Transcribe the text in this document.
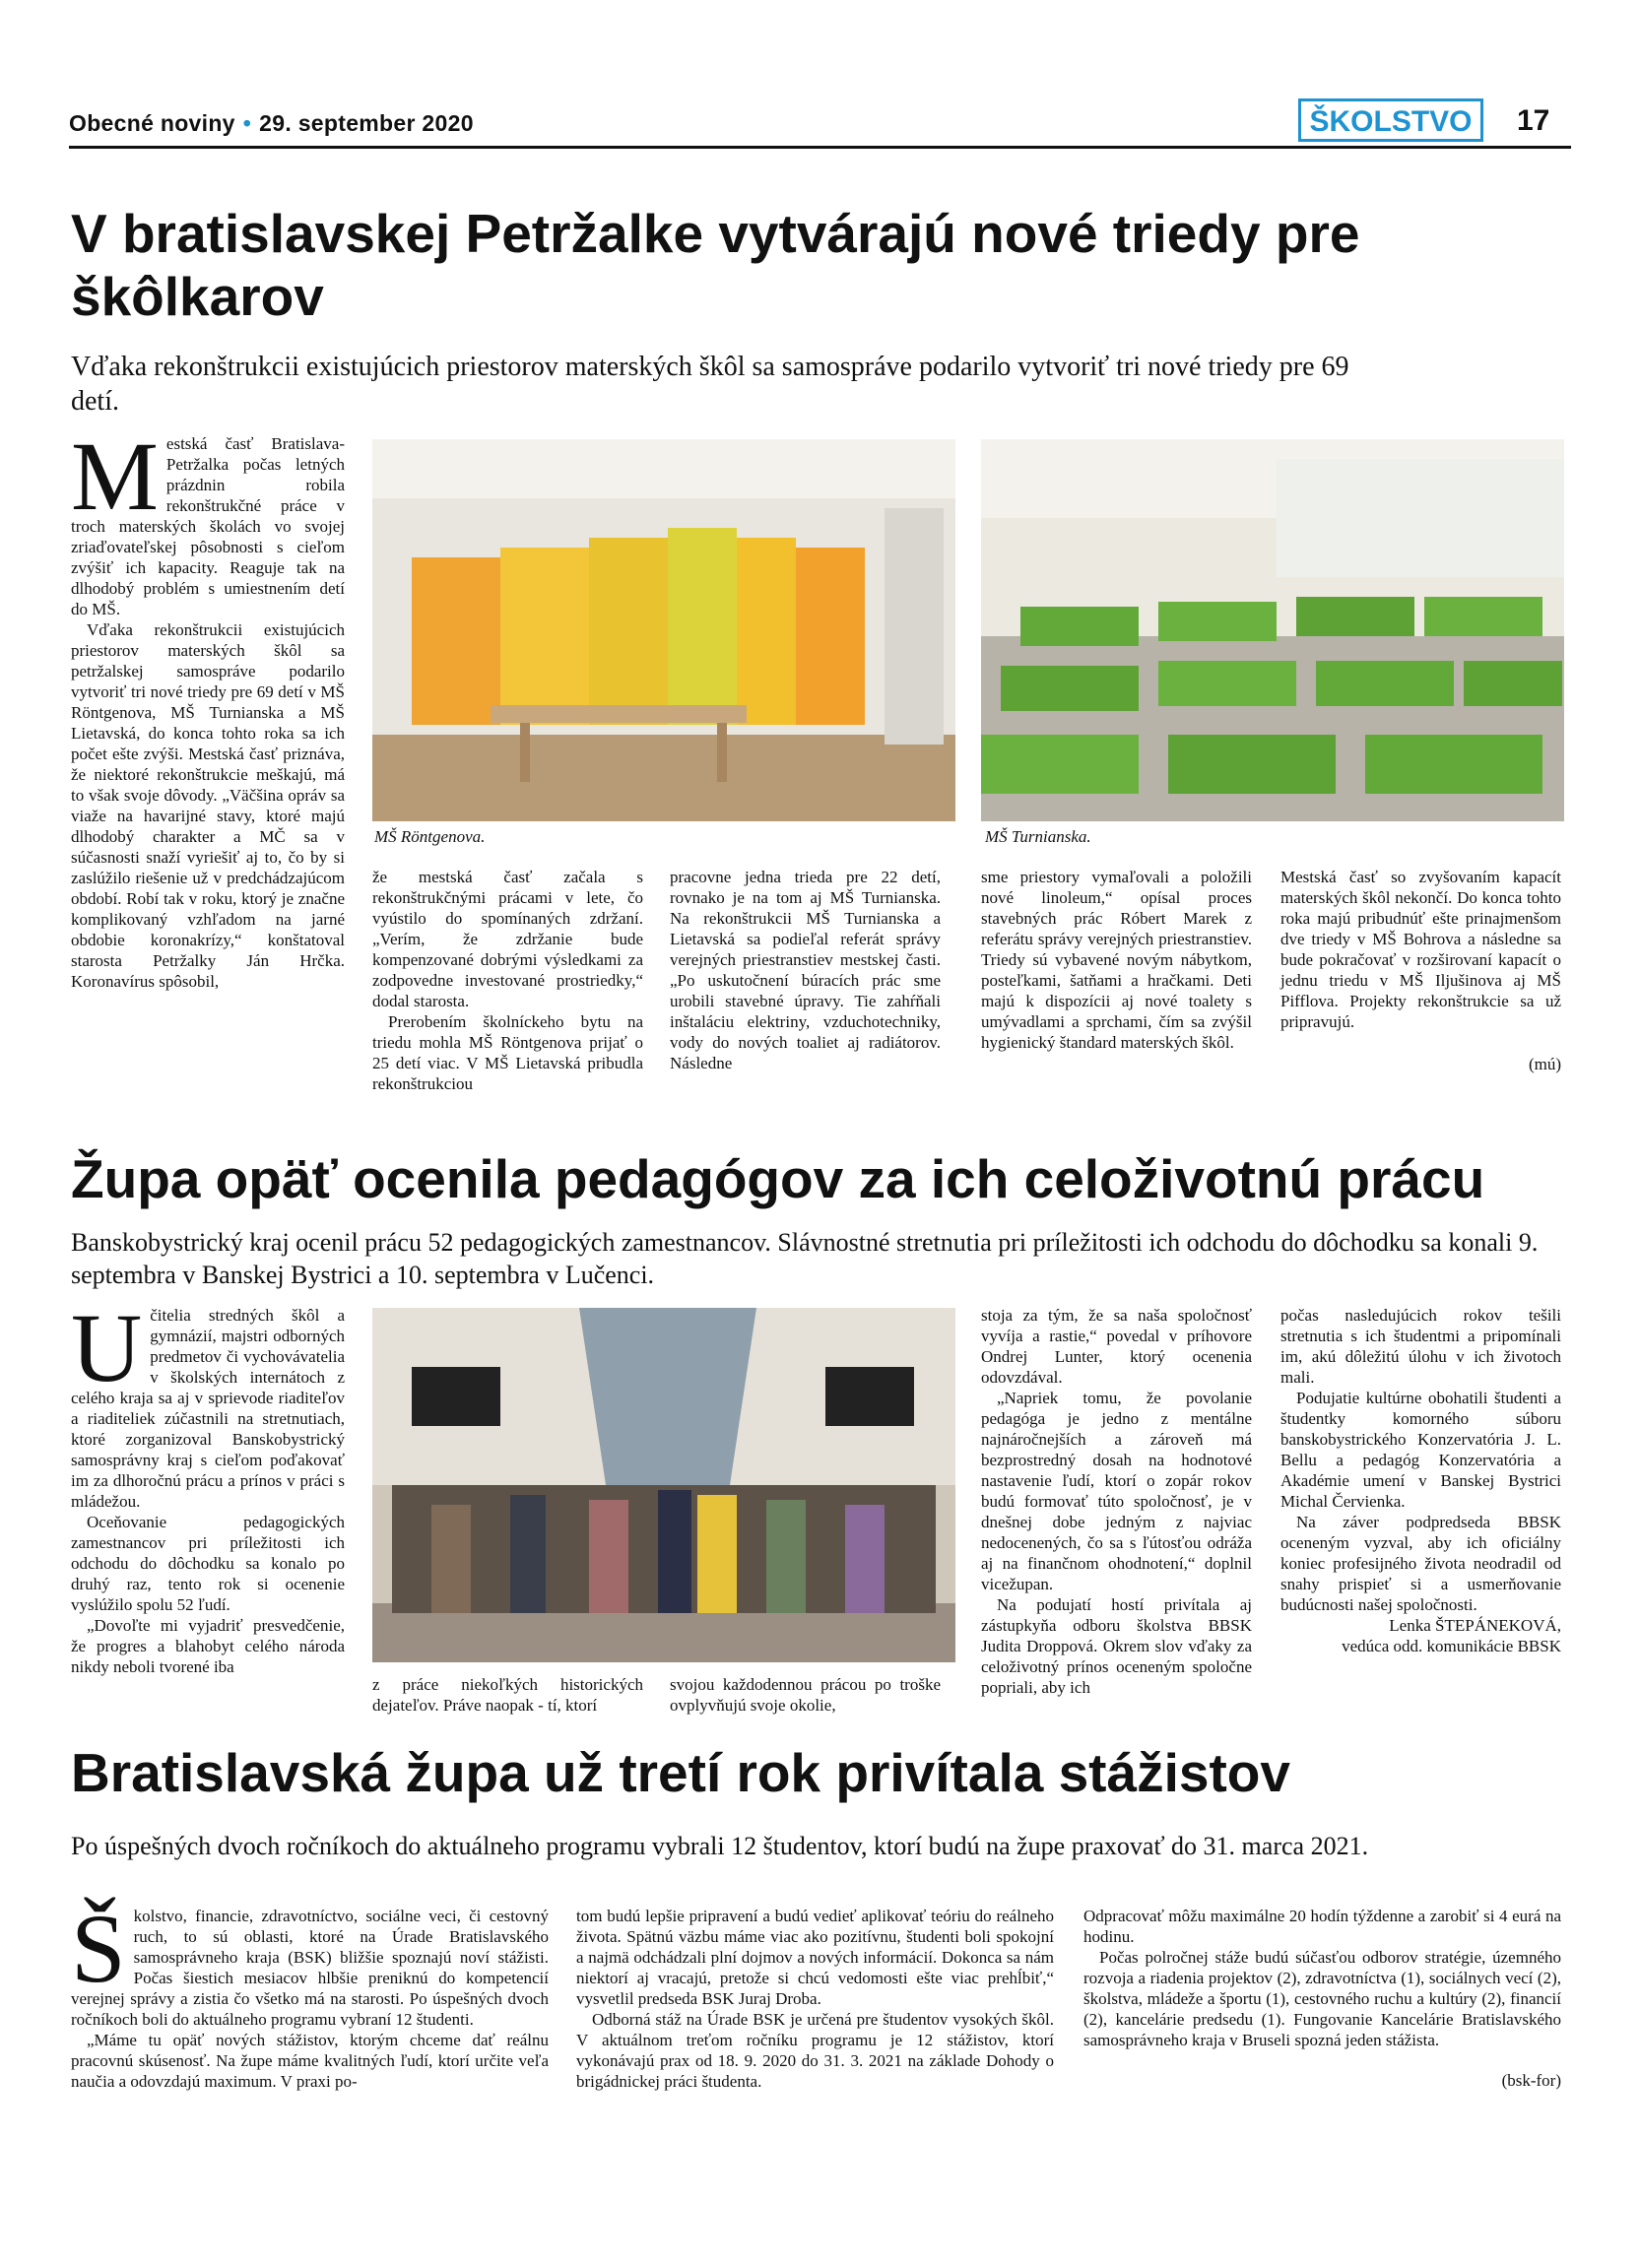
Obecné noviny • 29. september 2020	ŠKOLSTVO	17
V bratislavskej Petržalke vytvárajú nové triedy pre škôlkarov
Vďaka rekonštrukcii existujúcich priestorov materských škôl sa samospráve podarilo vytvoriť tri nové triedy pre 69 detí.

Mestská časť Bratislava-Petržalka počas letných prázdnin robila rekonštrukčné práce v troch materských školách vo svojej zriaďovateľskej pôsobnosti s cieľom zvýšiť ich kapacity. Reaguje tak na dlhodobý problém s umiestnením detí do MŠ.

Vďaka rekonštrukcii existujúcich priestorov materských škôl sa petržalskej samospráve podarilo vytvoriť tri nové triedy pre 69 detí v MŠ Röntgenova, MŠ Turnianska a MŠ Lietavská, do konca tohto roka sa ich počet ešte zvýši. Mestská časť priznáva, že niektoré rekonštrukcie meškajú, má to však svoje dôvody. „Väčšina opráv sa viaže na havarijné stavy, ktoré majú dlhodobý charakter a MČ sa v súčasnosti snaží vyriešiť aj to, čo by si zaslúžilo riešenie už v predchádzajúcom období. Robí tak v roku, ktorý je značne komplikovaný vzhľadom na jarné obdobie koronakrízy,“ konštatoval starosta Petržalky Ján Hrčka. Koronavírus spôsobil,

MŠ Röntgenova.	MŠ Turnianska.

že mestská časť začala s rekonštrukčnými prácami v lete, čo vyústilo do spomínaných zdržaní. „Verím, že zdržanie bude kompenzované dobrými výsledkami za zodpovedne investované prostriedky,“ dodal starosta.

Prerobením školníckeho bytu na triedu mohla MŠ Röntgenova prijať o 25 detí viac. V MŠ Lietavská pribudla rekonštrukciou

pracovne jedna trieda pre 22 detí, rovnako je na tom aj MŠ Turnianska. Na rekonštrukcii MŠ Turnianska a Lietavská sa podieľal referát správy verejných priestranstiev mestskej časti. „Po uskutočnení búracích prác sme urobili stavebné úpravy. Tie zahŕňali inštaláciu elektriny, vzduchotechniky, vody do nových toaliet aj radiátorov. Následne

sme priestory vymaľovali a položili nové linoleum,“ opísal proces stavebných prác Róbert Marek z referátu správy verejných priestranstiev. Triedy sú vybavené novým nábytkom, posteľkami, šatňami a hračkami. Deti majú k dispozícii aj nové toalety s umývadlami a sprchami, čím sa zvýšil hygienický štandard materských škôl.

Mestská časť so zvyšovaním kapacít materských škôl nekončí. Do konca tohto roka majú pribudnúť ešte prinajmenšom dve triedy v MŠ Bohrova a následne sa bude pokračovať v rozširovaní kapacít o jednu triedu v MŠ Iljušinova aj MŠ Pifflova. Projekty rekonštrukcie sa už pripravujú.

(mú)

Župa opäť ocenila pedagógov za ich celoživotnú prácu
Banskobystrický kraj ocenil prácu 52 pedagogických zamestnancov. Slávnostné stretnutia pri príležitosti ich odchodu do dôchodku sa konali 9. septembra v Banskej Bystrici a 10. septembra v Lučenci.

Učitelia stredných škôl a gymnázií, majstri odborných predmetov či vychovávatelia v školských internátoch z celého kraja sa aj v sprievode riaditeľov a riaditeliek zúčastnili na stretnutiach, ktoré zorganizoval Banskobystrický samosprávny kraj s cieľom poďakovať im za dlhoročnú prácu a prínos v práci s mládežou.

Oceňovanie pedagogických zamestnancov pri príležitosti ich odchodu do dôchodku sa konalo po druhý raz, tento rok si ocenenie vyslúžilo spolu 52 ľudí.

„Dovoľte mi vyjadriť presvedčenie, že progres a blahobyt celého národa nikdy neboli tvorené iba

z práce niekoľkých historických dejateľov. Práve naopak - tí, ktorí

svojou každodennou prácou po troške ovplyvňujú svoje okolie,

stoja za tým, že sa naša spoločnosť vyvíja a rastie,“ povedal v príhovore Ondrej Lunter, ktorý ocenenia odovzdával.

„Napriek tomu, že povolanie pedagóga je jedno z mentálne najnáročnejších a zároveň má bezprostredný dosah na hodnotové nastavenie ľudí, ktorí o zopár rokov budú formovať túto spoločnosť, je v dnešnej dobe jedným z najviac nedocenených, čo sa s ľútosťou odráža aj na finančnom ohodnotení,“ doplnil vicežupan.

Na podujatí hostí privítala aj zástupkyňa odboru školstva BBSK Judita Droppová. Okrem slov vďaky za celoživotný prínos oceneným spoločne popriali, aby ich

počas nasledujúcich rokov tešili stretnutia s ich študentmi a pripomínali im, akú dôležitú úlohu v ich životoch mali.

Podujatie kultúrne obohatili študenti a študentky komorného súboru banskobystrického Konzervatória J. L. Bellu a pedagóg Konzervatória a Akadémie umení v Banskej Bystrici Michal Červienka.

Na záver podpredseda BBSK oceneným vyzval, aby ich oficiálny koniec profesijného života neodradil od snahy prispieť si a usmerňovanie budúcnosti našej spoločnosti.

Lenka ŠTEPÁNEKOVÁ,

vedúca odd. komunikácie BBSK

Bratislavská župa už tretí rok privítala stážistov
Po úspešných dvoch ročníkoch do aktuálneho programu vybrali 12 študentov, ktorí budú na župe praxovať do 31. marca 2021.

Školstvo, financie, zdravotníctvo, sociálne veci, či cestovný ruch, to sú oblasti, ktoré na Úrade Bratislavského samosprávneho kraja (BSK) bližšie spoznajú noví stážisti. Počas šiestich mesiacov hlbšie preniknú do kompetencií verejnej správy a zistia čo všetko má na starosti. Po úspešných dvoch ročníkoch boli do aktuálneho programu vybraní 12 študenti.

„Máme tu opäť nových stážistov, ktorým chceme dať reálnu pracovnú skúsenosť. Na župe máme kvalitných ľudí, ktorí určite veľa naučia a odovzdajú maximum. V praxi po-

tom budú lepšie pripravení a budú vedieť aplikovať teóriu do reálneho života. Spätnú väzbu máme viac ako pozitívnu, študenti boli spokojní a najmä odchádzali plní dojmov a nových informácií. Dokonca sa nám niektorí aj vracajú, pretože si chcú vedomosti ešte viac prehĺbiť,“ vysvetlil predseda BSK Juraj Droba.

Odborná stáž na Úrade BSK je určená pre študentov vysokých škôl. V aktuálnom treťom ročníku programu je 12 stážistov, ktorí vykonávajú prax od 18. 9. 2020 do 31. 3. 2021 na základe Dohody o brigádnickej práci študenta.

Odpracovať môžu maximálne 20 hodín týždenne a zarobiť si 4 eurá na hodinu.

Počas polročnej stáže budú súčasťou odborov stratégie, územného rozvoja a riadenia projektov (2), zdravotníctva (1), sociálnych vecí (2), školstva, mládeže a športu (1), cestovného ruchu a kultúry (2), financií (2), kancelárie predsedu (1). Fungovanie Kancelárie Bratislavského samosprávneho kraja v Bruseli spozná jeden stážista.

(bsk-for)
